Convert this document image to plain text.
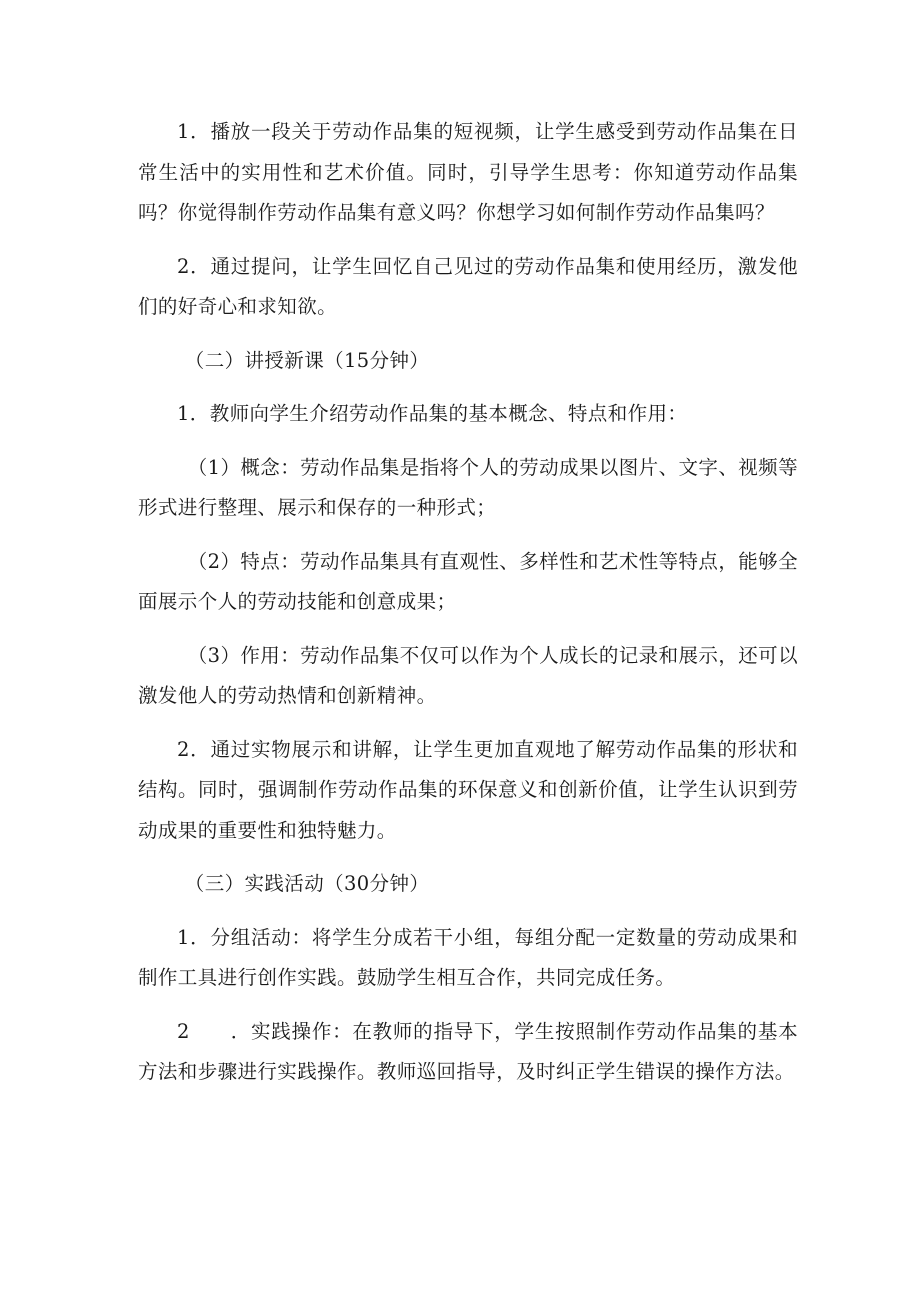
1．播放一段关于劳动作品集的短视频，让学生感受到劳动作品集在日常生活中的实用性和艺术价值。同时，引导学生思考：你知道劳动作品集吗？你觉得制作劳动作品集有意义吗？你想学习如何制作劳动作品集吗？

2．通过提问，让学生回忆自己见过的劳动作品集和使用经历，激发他们的好奇心和求知欲。

（二）讲授新课（15分钟）

1．教师向学生介绍劳动作品集的基本概念、特点和作用：

（1）概念：劳动作品集是指将个人的劳动成果以图片、文字、视频等形式进行整理、展示和保存的一种形式；

（2）特点：劳动作品集具有直观性、多样性和艺术性等特点，能够全面展示个人的劳动技能和创意成果；

（3）作用：劳动作品集不仅可以作为个人成长的记录和展示，还可以激发他人的劳动热情和创新精神。

2．通过实物展示和讲解，让学生更加直观地了解劳动作品集的形状和结构。同时，强调制作劳动作品集的环保意义和创新价值，让学生认识到劳动成果的重要性和独特魅力。

（三）实践活动（30分钟）

1．分组活动：将学生分成若干小组，每组分配一定数量的劳动成果和制作工具进行创作实践。鼓励学生相互合作，共同完成任务。

2　　．实践操作：在教师的指导下，学生按照制作劳动作品集的基本方法和步骤进行实践操作。教师巡回指导，及时纠正学生错误的操作方法。
